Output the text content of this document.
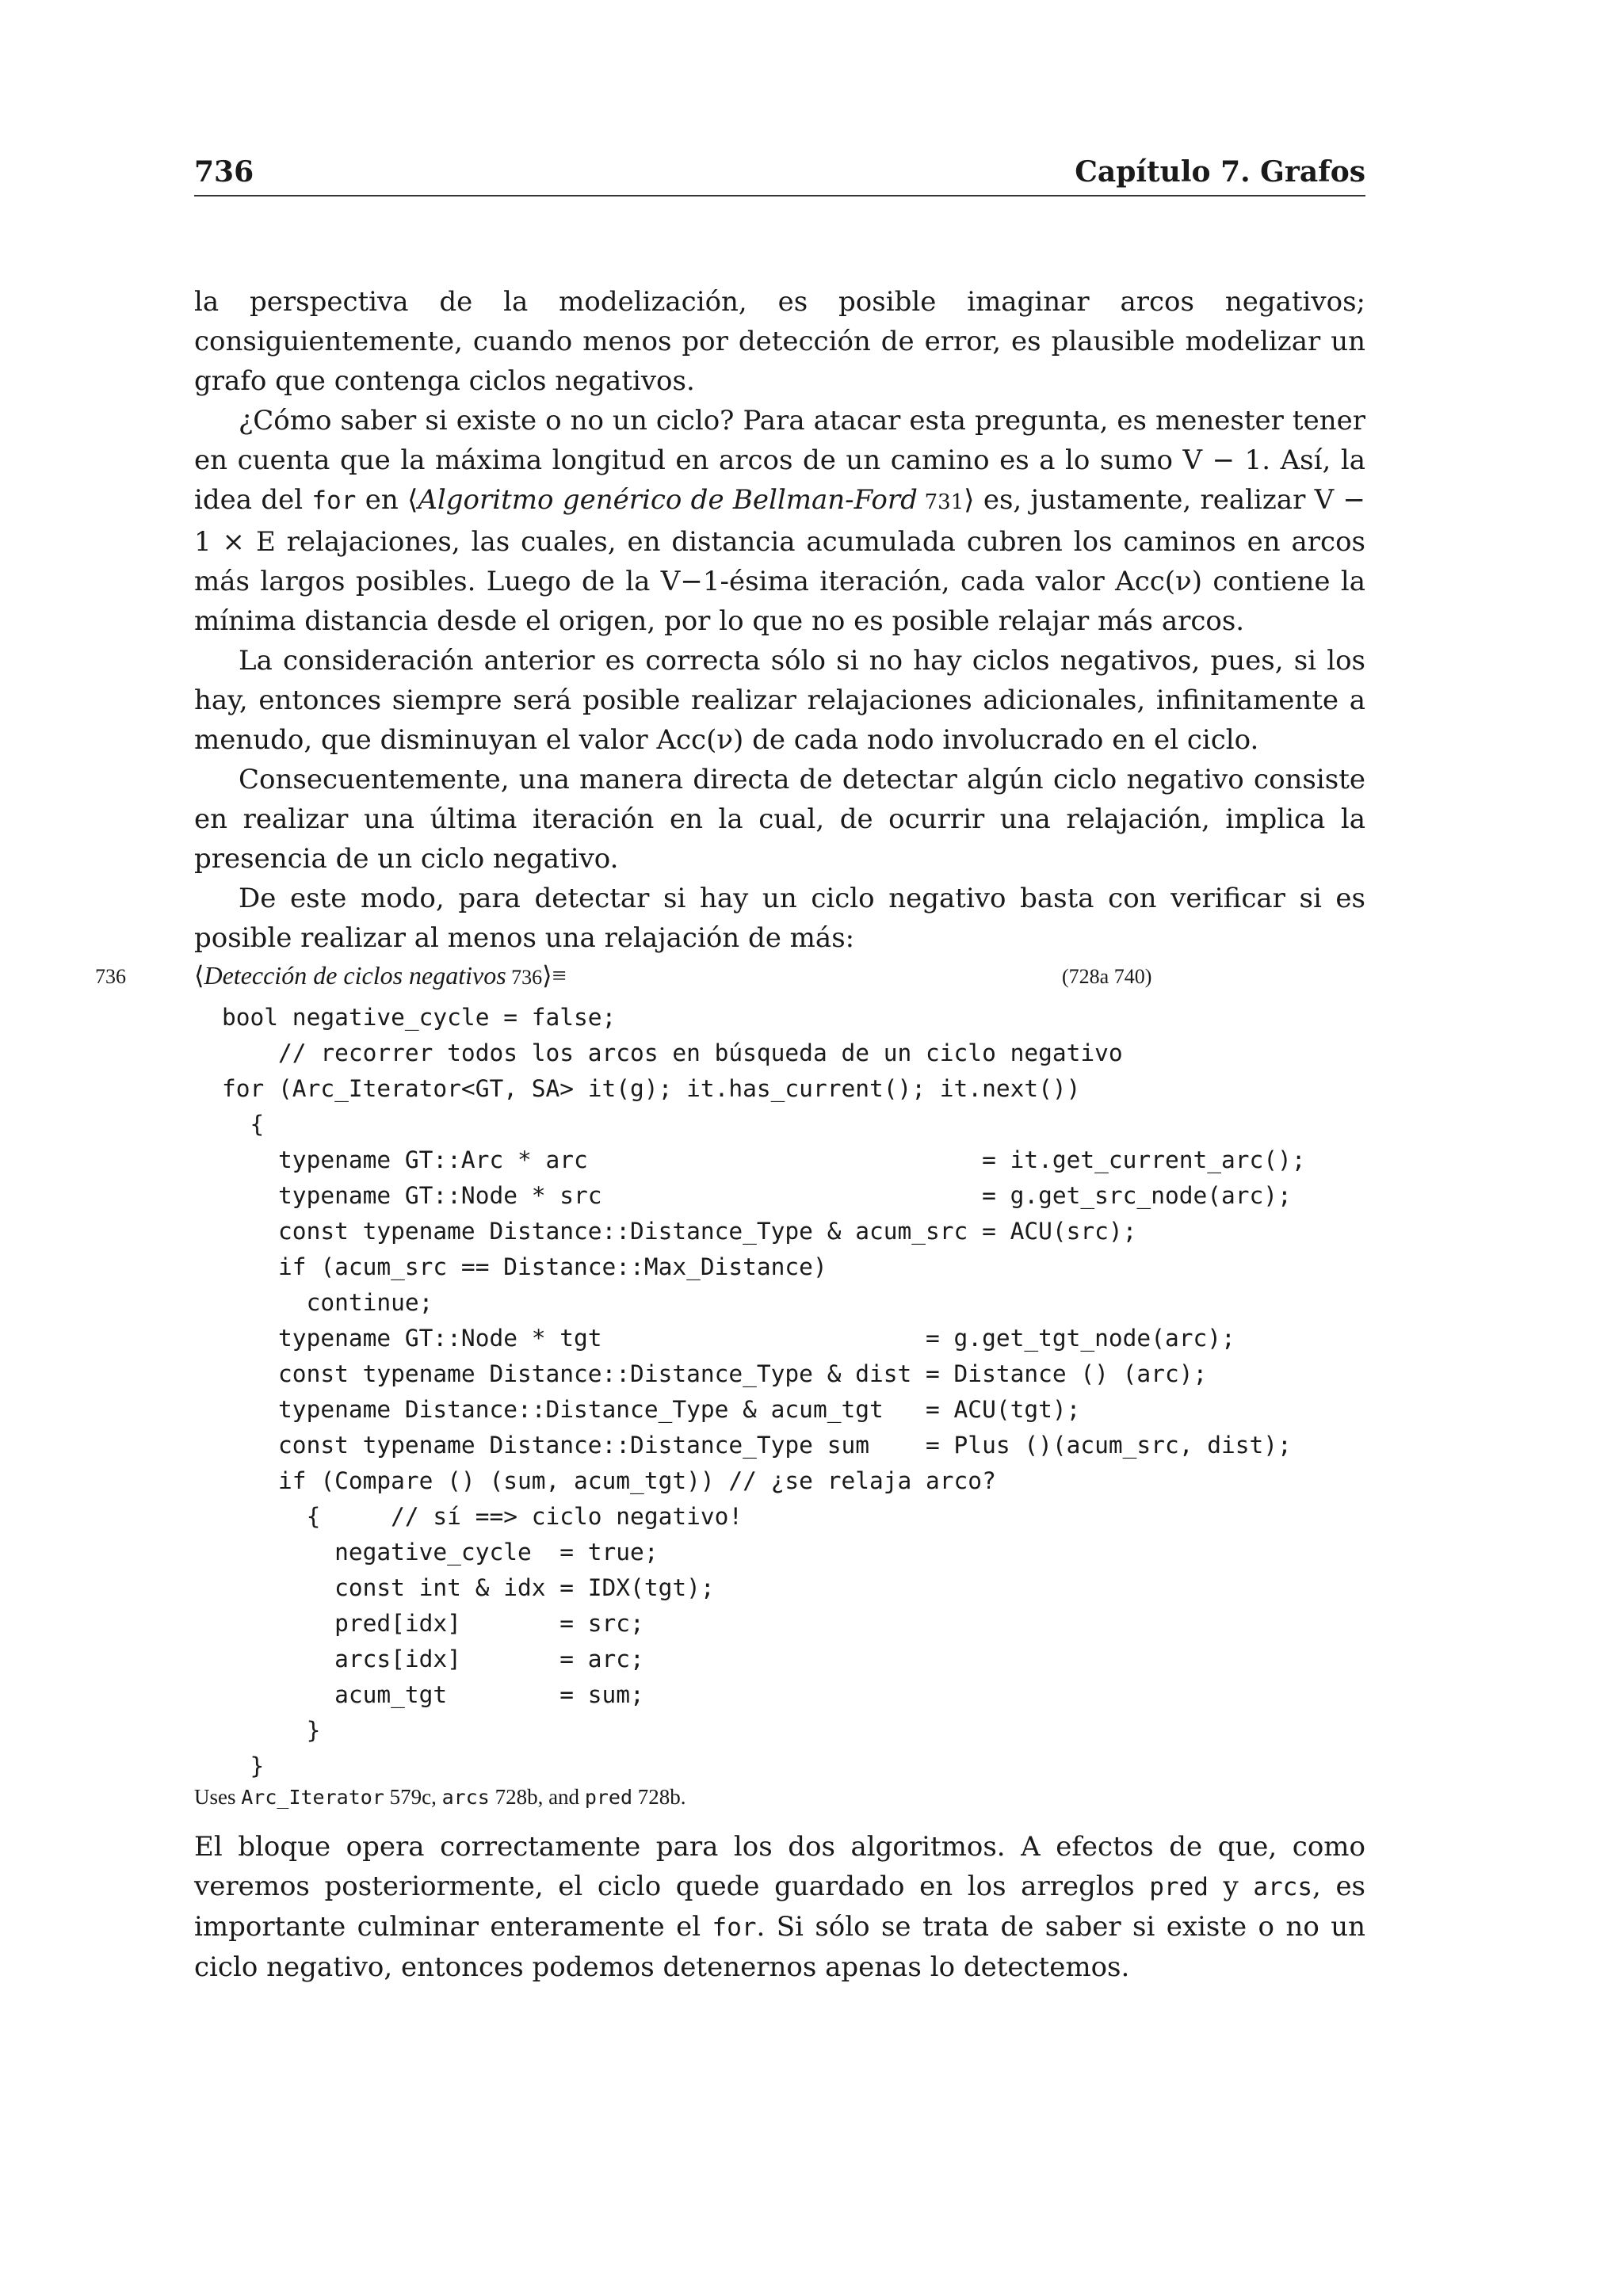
736	Capítulo 7. Grafos

la perspectiva de la modelización, es posible imaginar arcos negativos; consiguientemente, cuando menos por detección de error, es plausible modelizar un grafo que contenga ciclos negativos.

¿Cómo saber si existe o no un ciclo? Para atacar esta pregunta, es menester tener en cuenta que la máxima longitud en arcos de un camino es a lo sumo V − 1. Así, la idea del for en ⟨Algoritmo genérico de Bellman-Ford 731⟩ es, justamente, realizar V − 1 × E relajaciones, las cuales, en distancia acumulada cubren los caminos en arcos más largos posibles. Luego de la V−1-ésima iteración, cada valor Acc(ν) contiene la mínima distancia desde el origen, por lo que no es posible relajar más arcos.

La consideración anterior es correcta sólo si no hay ciclos negativos, pues, si los hay, entonces siempre será posible realizar relajaciones adicionales, infinitamente a menudo, que disminuyan el valor Acc(ν) de cada nodo involucrado en el ciclo.

Consecuentemente, una manera directa de detectar algún ciclo negativo consiste en realizar una última iteración en la cual, de ocurrir una relajación, implica la presencia de un ciclo negativo.

De este modo, para detectar si hay un ciclo negativo basta con verificar si es posible realizar al menos una relajación de más:

736	⟨Detección de ciclos negativos 736⟩≡	(728a 740)
bool negative_cycle = false;
// recorrer todos los arcos en búsqueda de un ciclo negativo
for (Arc_Iterator<GT, SA> it(g); it.has_current(); it.next())
{
typename GT::Arc * arc                            = it.get_current_arc();
typename GT::Node * src                           = g.get_src_node(arc);
const typename Distance::Distance_Type & acum_src = ACU(src);
if (acum_src == Distance::Max_Distance)
continue;
typename GT::Node * tgt                       = g.get_tgt_node(arc);
const typename Distance::Distance_Type & dist = Distance () (arc);
typename Distance::Distance_Type & acum_tgt   = ACU(tgt);
const typename Distance::Distance_Type sum    = Plus ()(acum_src, dist);
if (Compare () (sum, acum_tgt)) // ¿se relaja arco?
{     // sí ==> ciclo negativo!
negative_cycle  = true;
const int & idx = IDX(tgt);
pred[idx]       = src;
arcs[idx]       = arc;
acum_tgt        = sum;
}
}
Uses Arc_Iterator 579c, arcs 728b, and pred 728b.

El bloque opera correctamente para los dos algoritmos. A efectos de que, como veremos posteriormente, el ciclo quede guardado en los arreglos pred y arcs, es importante culminar enteramente el for. Si sólo se trata de saber si existe o no un ciclo negativo, entonces podemos detenernos apenas lo detectemos.
